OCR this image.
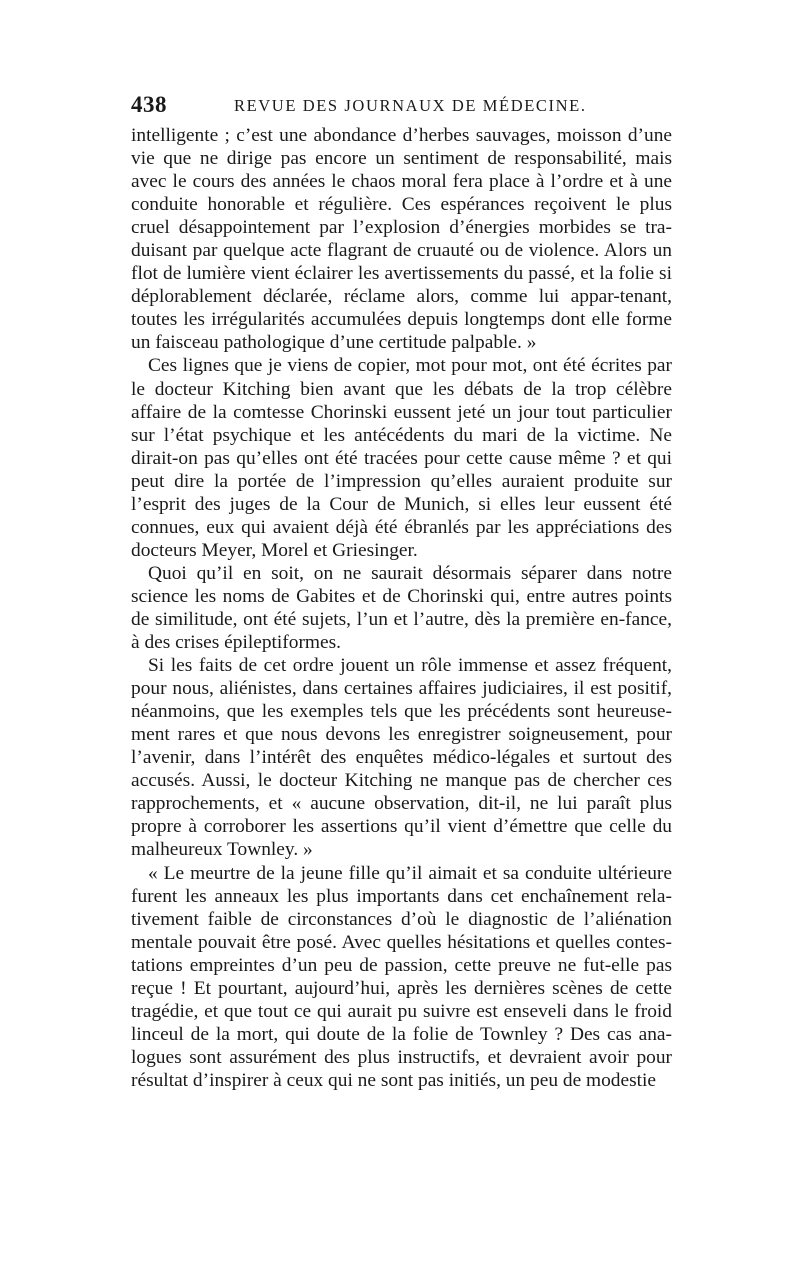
438	REVUE DES JOURNAUX DE MÉDECINE.

intelligente ; c’est une abondance d’herbes sauvages, moisson d’une vie que ne dirige pas encore un sentiment de responsabilité, mais avec le cours des années le chaos moral fera place à l’ordre et à une conduite honorable et régulière. Ces espérances reçoivent le plus cruel désappointement par l’explosion d’énergies morbides se tra-duisant par quelque acte flagrant de cruauté ou de violence. Alors un flot de lumière vient éclairer les avertissements du passé, et la folie si déplorablement déclarée, réclame alors, comme lui appar-tenant, toutes les irrégularités accumulées depuis longtemps dont elle forme un faisceau pathologique d’une certitude palpable. »

Ces lignes que je viens de copier, mot pour mot, ont été écrites par le docteur Kitching bien avant que les débats de la trop célèbre affaire de la comtesse Chorinski eussent jeté un jour tout particulier sur l’état psychique et les antécédents du mari de la victime. Ne dirait-on pas qu’elles ont été tracées pour cette cause même ? et qui peut dire la portée de l’impression qu’elles auraient produite sur l’esprit des juges de la Cour de Munich, si elles leur eussent été connues, eux qui avaient déjà été ébranlés par les appréciations des docteurs Meyer, Morel et Griesinger.

Quoi qu’il en soit, on ne saurait désormais séparer dans notre science les noms de Gabites et de Chorinski qui, entre autres points de similitude, ont été sujets, l’un et l’autre, dès la première en-fance, à des crises épileptiformes.

Si les faits de cet ordre jouent un rôle immense et assez fréquent, pour nous, aliénistes, dans certaines affaires judiciaires, il est positif, néanmoins, que les exemples tels que les précédents sont heureuse-ment rares et que nous devons les enregistrer soigneusement, pour l’avenir, dans l’intérêt des enquêtes médico-légales et surtout des accusés. Aussi, le docteur Kitching ne manque pas de chercher ces rapprochements, et « aucune observation, dit-il, ne lui paraît plus propre à corroborer les assertions qu’il vient d’émettre que celle du malheureux Townley. »

« Le meurtre de la jeune fille qu’il aimait et sa conduite ultérieure furent les anneaux les plus importants dans cet enchaînement rela-tivement faible de circonstances d’où le diagnostic de l’aliénation mentale pouvait être posé. Avec quelles hésitations et quelles contes-tations empreintes d’un peu de passion, cette preuve ne fut-elle pas reçue ! Et pourtant, aujourd’hui, après les dernières scènes de cette tragédie, et que tout ce qui aurait pu suivre est enseveli dans le froid linceul de la mort, qui doute de la folie de Townley ? Des cas ana-logues sont assurément des plus instructifs, et devraient avoir pour résultat d’inspirer à ceux qui ne sont pas initiés, un peu de modestie
